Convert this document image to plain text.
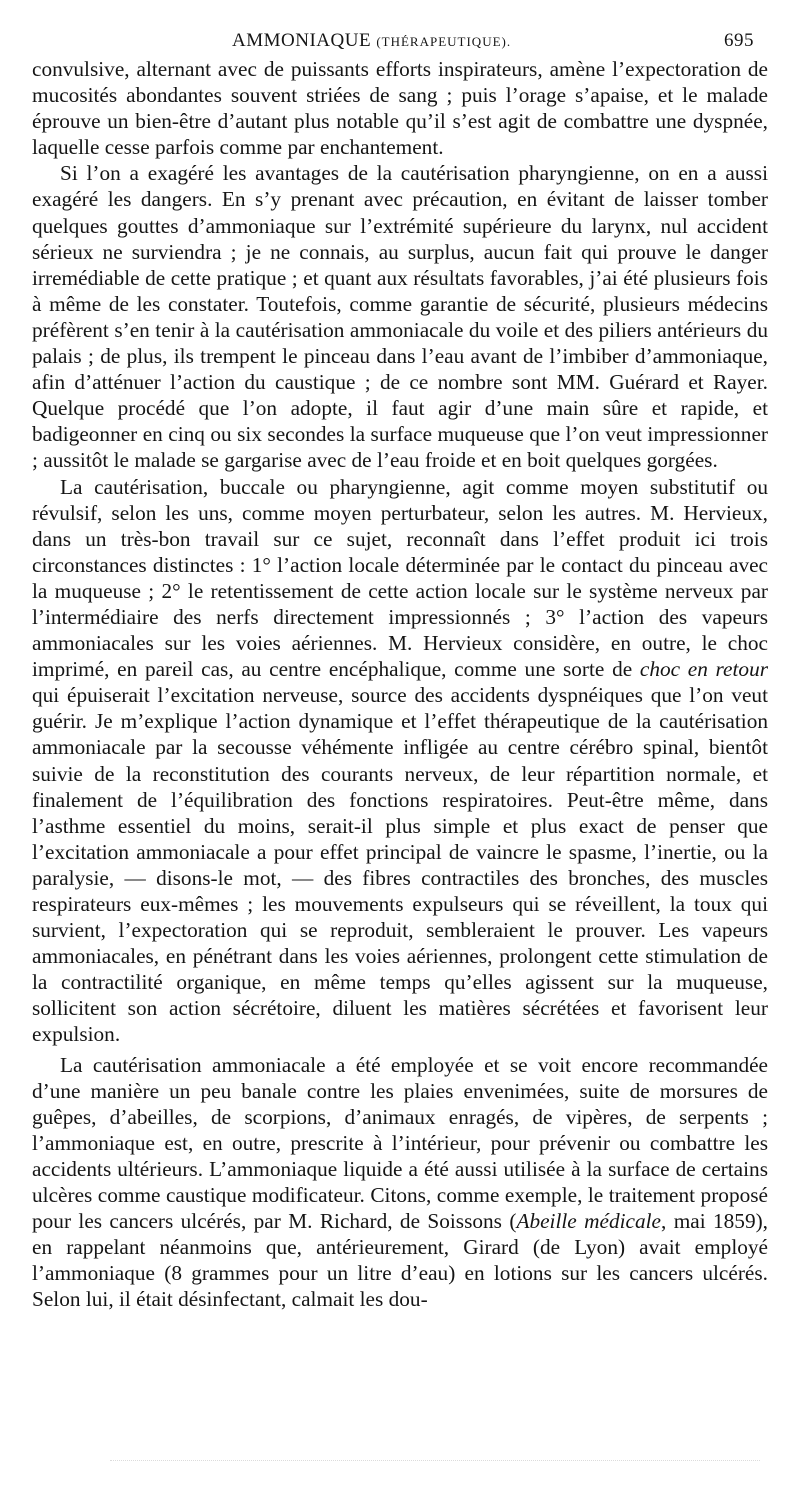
AMMONIAQUE (THÉRAPEUTIQUE).	695

convulsive, alternant avec de puissants efforts inspirateurs, amène l’expectoration de mucosités abondantes souvent striées de sang ; puis l’orage s’apaise, et le malade éprouve un bien-être d’autant plus notable qu’il s’est agit de combattre une dyspnée, laquelle cesse parfois comme par enchantement.

Si l’on a exagéré les avantages de la cautérisation pharyngienne, on en a aussi exagéré les dangers. En s’y prenant avec précaution, en évitant de laisser tomber quelques gouttes d’ammoniaque sur l’extrémité supérieure du larynx, nul accident sérieux ne surviendra ; je ne connais, au surplus, aucun fait qui prouve le danger irremédiable de cette pratique ; et quant aux résultats favorables, j’ai été plusieurs fois à même de les constater. Toutefois, comme garantie de sécurité, plusieurs médecins préfèrent s’en tenir à la cautérisation ammoniacale du voile et des piliers antérieurs du palais ; de plus, ils trempent le pinceau dans l’eau avant de l’imbiber d’ammoniaque, afin d’atténuer l’action du caustique ; de ce nombre sont MM. Guérard et Rayer. Quelque procédé que l’on adopte, il faut agir d’une main sûre et rapide, et badigeonner en cinq ou six secondes la surface muqueuse que l’on veut impressionner ; aussitôt le malade se gargarise avec de l’eau froide et en boit quelques gorgées.

La cautérisation, buccale ou pharyngienne, agit comme moyen substitutif ou révulsif, selon les uns, comme moyen perturbateur, selon les autres. M. Hervieux, dans un très-bon travail sur ce sujet, reconnaît dans l’effet produit ici trois circonstances distinctes : 1° l’action locale déterminée par le contact du pinceau avec la muqueuse ; 2° le retentissement de cette action locale sur le système nerveux par l’intermédiaire des nerfs directement impressionnés ; 3° l’action des vapeurs ammoniacales sur les voies aériennes. M. Hervieux considère, en outre, le choc imprimé, en pareil cas, au centre encéphalique, comme une sorte de choc en retour qui épuiserait l’excitation nerveuse, source des accidents dyspnéiques que l’on veut guérir. Je m’explique l’action dynamique et l’effet thérapeutique de la cautérisation ammoniacale par la secousse véhémente infligée au centre cérébro spinal, bientôt suivie de la reconstitution des courants nerveux, de leur répartition normale, et finalement de l’équilibration des fonctions respiratoires. Peut-être même, dans l’asthme essentiel du moins, serait-il plus simple et plus exact de penser que l’excitation ammoniacale a pour effet principal de vaincre le spasme, l’inertie, ou la paralysie, — disons-le mot, — des fibres contractiles des bronches, des muscles respirateurs eux-mêmes ; les mouvements expulseurs qui se réveillent, la toux qui survient, l’expectoration qui se reproduit, sembleraient le prouver. Les vapeurs ammoniacales, en pénétrant dans les voies aériennes, prolongent cette stimulation de la contractilité organique, en même temps qu’elles agissent sur la muqueuse, sollicitent son action sécrétoire, diluent les matières sécrétées et favorisent leur expulsion.

La cautérisation ammoniacale a été employée et se voit encore recommandée d’une manière un peu banale contre les plaies envenimées, suite de morsures de guêpes, d’abeilles, de scorpions, d’animaux enragés, de vipères, de serpents ; l’ammoniaque est, en outre, prescrite à l’intérieur, pour prévenir ou combattre les accidents ultérieurs. L’ammoniaque liquide a été aussi utilisée à la surface de certains ulcères comme caustique modificateur. Citons, comme exemple, le traitement proposé pour les cancers ulcérés, par M. Richard, de Soissons (Abeille médicale, mai 1859), en rappelant néanmoins que, antérieurement, Girard (de Lyon) avait employé l’ammoniaque (8 grammes pour un litre d’eau) en lotions sur les cancers ulcérés. Selon lui, il était désinfectant, calmait les dou-
